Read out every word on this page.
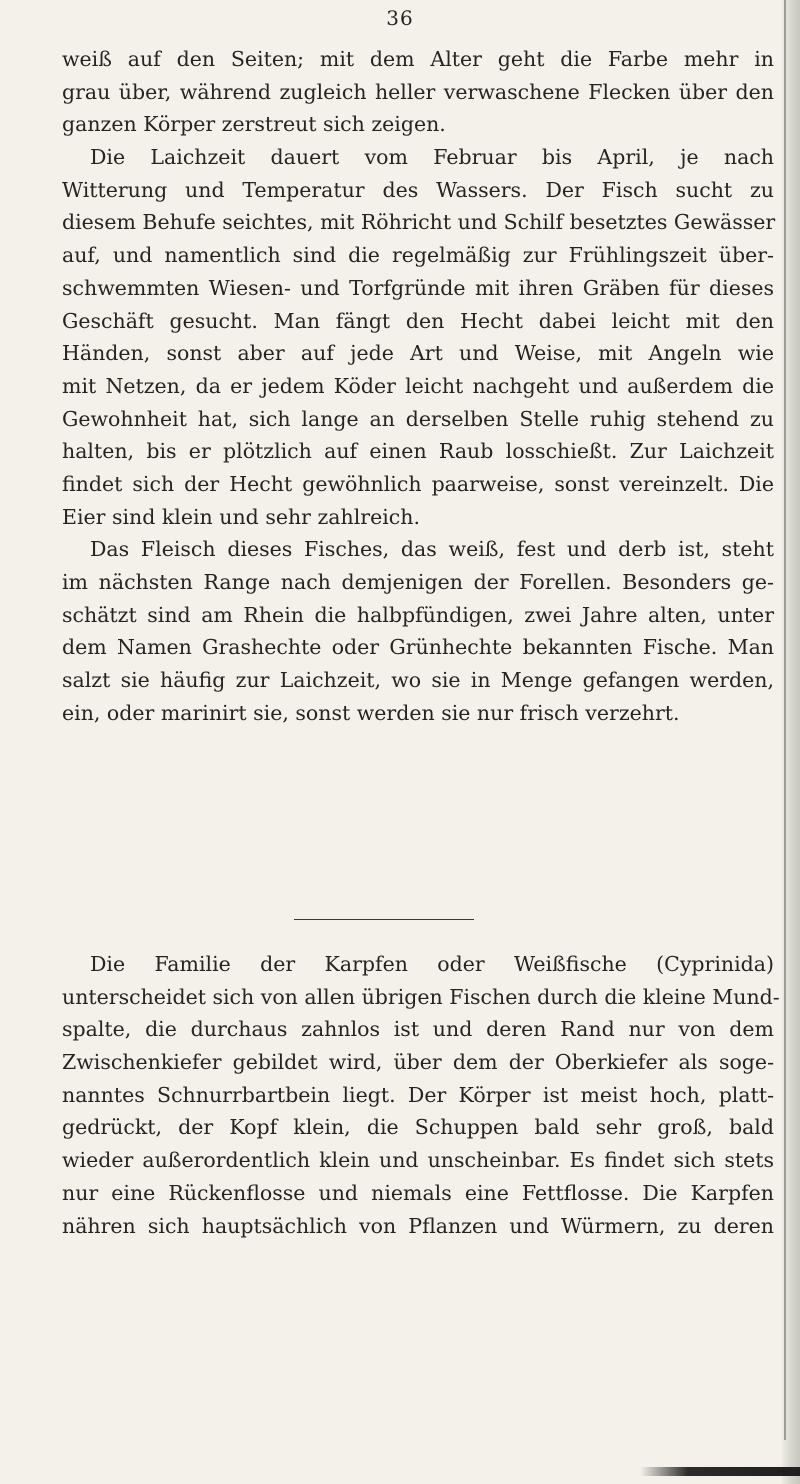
36
weiß auf den Seiten; mit dem Alter geht die Farbe mehr in
grau über, während zugleich heller verwaschene Flecken über den
ganzen Körper zerstreut sich zeigen.
Die Laichzeit dauert vom Februar bis April, je nach
Witterung und Temperatur des Wassers. Der Fisch sucht zu
diesem Behufe seichtes, mit Röhricht und Schilf besetztes Gewässer
auf, und namentlich sind die regelmäßig zur Frühlingszeit über-
schwemmten Wiesen- und Torfgründe mit ihren Gräben für dieses
Geschäft gesucht. Man fängt den Hecht dabei leicht mit den
Händen, sonst aber auf jede Art und Weise, mit Angeln wie
mit Netzen, da er jedem Köder leicht nachgeht und außerdem die
Gewohnheit hat, sich lange an derselben Stelle ruhig stehend zu
halten, bis er plötzlich auf einen Raub losschießt. Zur Laichzeit
findet sich der Hecht gewöhnlich paarweise, sonst vereinzelt. Die
Eier sind klein und sehr zahlreich.
Das Fleisch dieses Fisches, das weiß, fest und derb ist, steht
im nächsten Range nach demjenigen der Forellen. Besonders ge-
schätzt sind am Rhein die halbpfündigen, zwei Jahre alten, unter
dem Namen Grashechte oder Grünhechte bekannten Fische. Man
salzt sie häufig zur Laichzeit, wo sie in Menge gefangen werden,
ein, oder marinirt sie, sonst werden sie nur frisch verzehrt.
Die Familie der Karpfen oder Weißfische (Cyprinida)
unterscheidet sich von allen übrigen Fischen durch die kleine Mund-
spalte, die durchaus zahnlos ist und deren Rand nur von dem
Zwischenkiefer gebildet wird, über dem der Oberkiefer als soge-
nanntes Schnurrbartbein liegt. Der Körper ist meist hoch, platt-
gedrückt, der Kopf klein, die Schuppen bald sehr groß, bald
wieder außerordentlich klein und unscheinbar. Es findet sich stets
nur eine Rückenflosse und niemals eine Fettflosse. Die Karpfen
nähren sich hauptsächlich von Pflanzen und Würmern, zu deren
